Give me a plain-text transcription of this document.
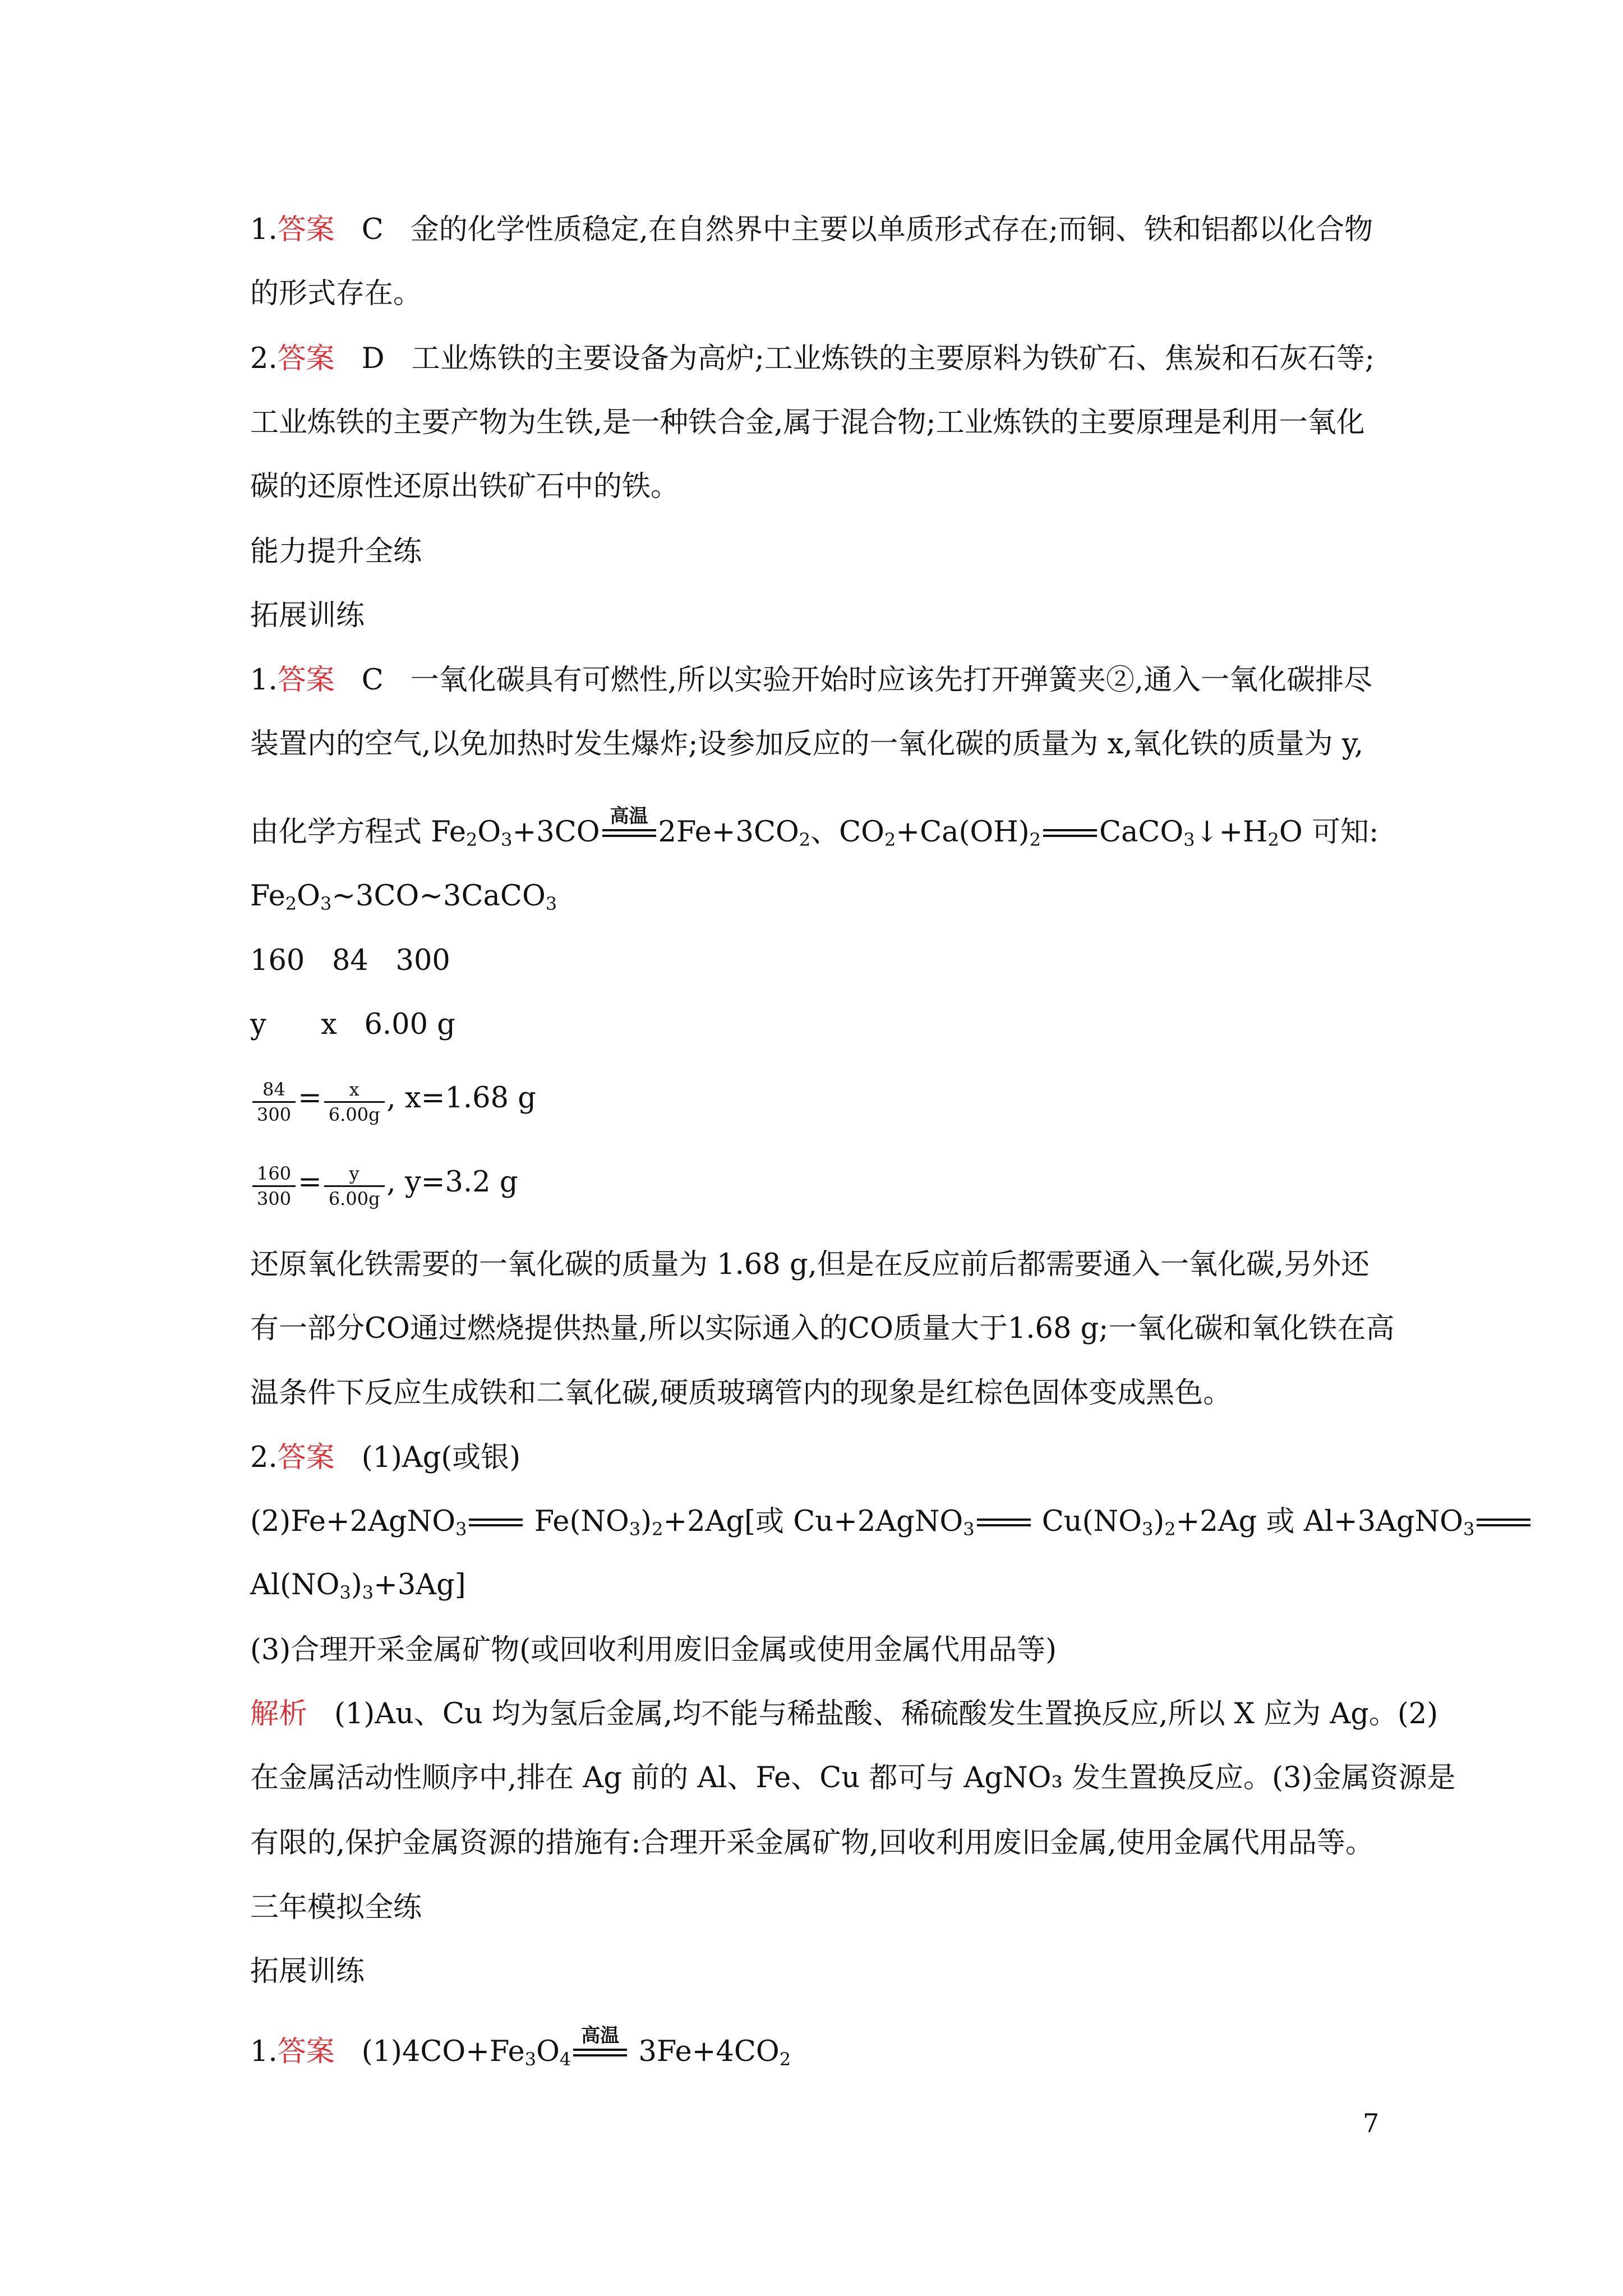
1.答案 C 金的化学性质稳定,在自然界中主要以单质形式存在;而铜、铁和铝都以化合物
的形式存在。
2.答案 D 工业炼铁的主要设备为高炉;工业炼铁的主要原料为铁矿石、焦炭和石灰石等;
工业炼铁的主要产物为生铁,是一种铁合金,属于混合物;工业炼铁的主要原理是利用一氧化
碳的还原性还原出铁矿石中的铁。
能力提升全练
拓展训练
1.答案 C 一氧化碳具有可燃性,所以实验开始时应该先打开弹簧夹②,通入一氧化碳排尽
装置内的空气,以免加热时发生爆炸;设参加反应的一氧化碳的质量为 x,氧化铁的质量为 y,
由化学方程式 $Fe_2O_3+3CO$ 高温 $2Fe+3CO_2$、$CO_2+Ca(OH)_2$ $CaCO_3↓+H_2O$ 可知:
$Fe_2O_3\sim 3CO\sim 3CaCO_3$
160   84   300
y      x   6.00 g
$\frac{84}{300} = \frac{x}{6.00g}$ , x=1.68 g
$\frac{160}{300} = \frac{y}{6.00g}$ , y=3.2 g
还原氧化铁需要的一氧化碳的质量为 1.68 g,但是在反应前后都需要通入一氧化碳,另外还
有一部分CO通过燃烧提供热量,所以实际通入的CO质量大于1.68 g;一氧化碳和氧化铁在高
温条件下反应生成铁和二氧化碳,硬质玻璃管内的现象是红棕色固体变成黑色。
2.答案 (1)Ag(或银)
(2)Fe+2AgNO$_3$ $Fe(NO_3)_2+2Ag$[或 Cu+2AgNO$_3$ $Cu(NO_3)_2+2Ag$ 或 Al+3AgNO$_3$
$Al(NO_3)_3+3Ag$]
(3)合理开采金属矿物(或回收利用废旧金属或使用金属代用品等)
解析 (1)Au、Cu 均为氢后金属,均不能与稀盐酸、稀硫酸发生置换反应,所以 X 应为 Ag。(2)
在金属活动性顺序中,排在 Ag 前的 Al、Fe、Cu 都可与 AgNO₃ 发生置换反应。(3)金属资源是
有限的,保护金属资源的措施有:合理开采金属矿物,回收利用废旧金属,使用金属代用品等。
三年模拟全练
拓展训练
1.答案 $(1)4CO+Fe_3O_4$
高温 $3Fe+4CO_2$
7
